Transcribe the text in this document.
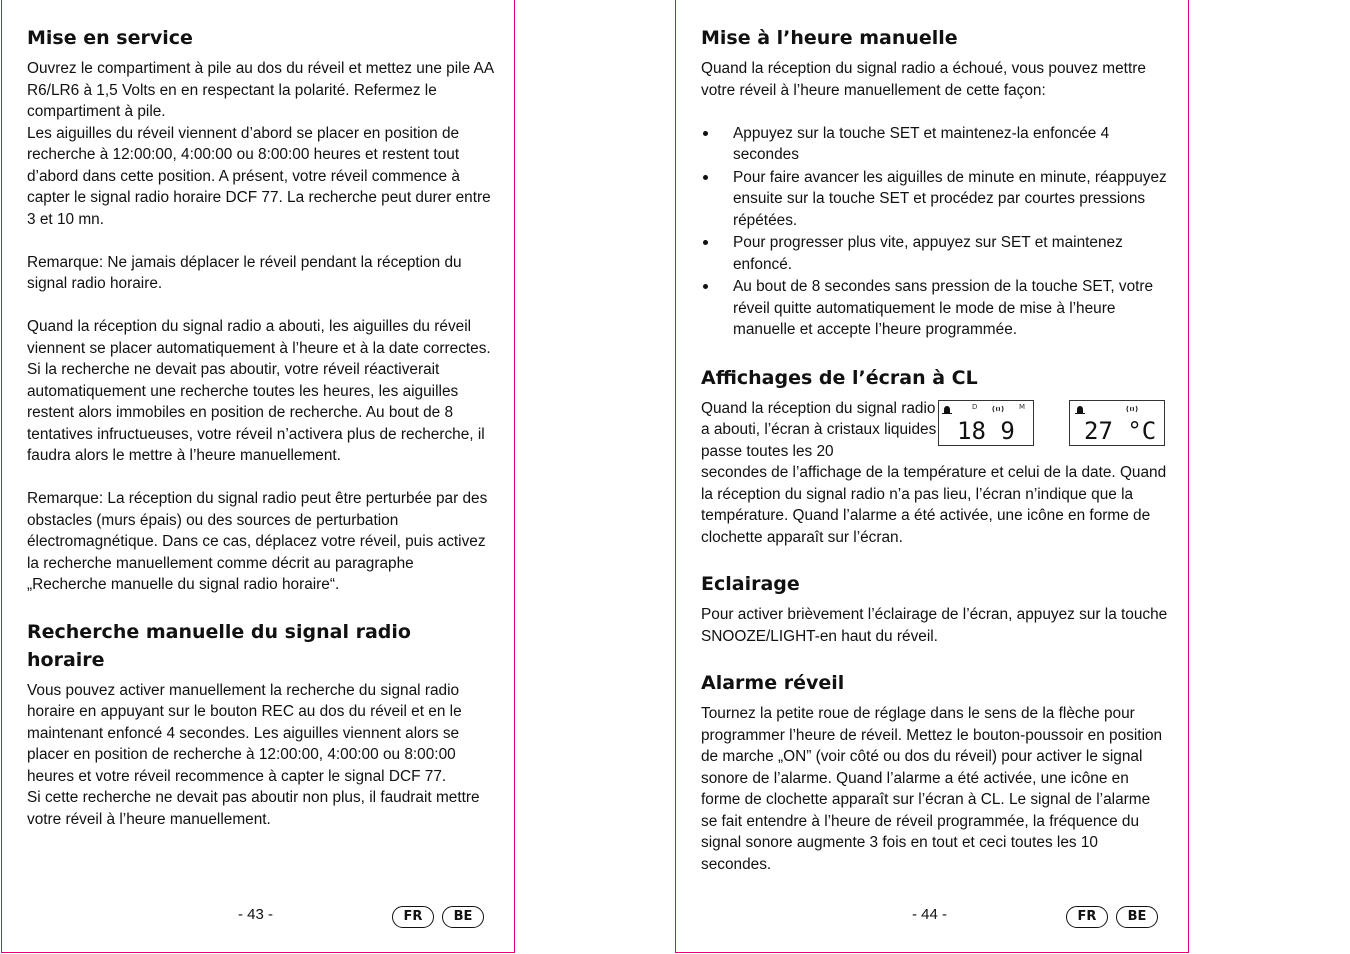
Mise en service

Ouvrez le compartiment à pile au dos du réveil et mettez une pile AA R6/LR6 à 1,5 Volts en en respectant la polarité. Refermez le compartiment à pile.

Les aiguilles du réveil viennent d’abord se placer en position de recherche à 12:00:00, 4:00:00 ou 8:00:00 heures et restent tout d’abord dans cette position. A présent, votre réveil commence à capter le signal radio horaire DCF 77. La recherche peut durer entre 3 et 10 mn.

Remarque: Ne jamais déplacer le réveil pendant la réception du signal radio horaire.

Quand la réception du signal radio a abouti, les aiguilles du réveil viennent se placer automatiquement à l’heure et à la date correctes. Si la recherche ne devait pas aboutir, votre réveil réactiverait automatiquement une recherche toutes les heures, les aiguilles restent alors immobiles en position de recherche. Au bout de 8 tentatives infructueuses, votre réveil n’activera plus de recherche, il faudra alors le mettre à l’heure manuellement.

Remarque: La réception du signal radio peut être perturbée par des obstacles (murs épais) ou des sources de perturbation électromagnétique. Dans ce cas, déplacez votre réveil, puis activez la recherche manuellement comme décrit au paragraphe „Recherche manuelle du signal radio horaire“.

Recherche manuelle du signal radio horaire

Vous pouvez activer manuellement la recherche du signal radio horaire en appuyant sur le bouton REC au dos du réveil et en le maintenant enfoncé 4 secondes. Les aiguilles viennent alors se placer en position de recherche à 12:00:00, 4:00:00 ou 8:00:00 heures et votre réveil recommence à capter le signal DCF 77.

Si cette recherche ne devait pas aboutir non plus, il faudrait mettre votre réveil à l’heure manuellement.

- 43 -	FR	BE
Mise à l’heure manuelle

Quand la réception du signal radio a échoué, vous pouvez mettre votre réveil à l’heure manuellement de cette façon:

Appuyez sur la touche SET et maintenez-la enfoncée 4 secondes
Pour faire avancer les aiguilles de minute en minute, réappuyez ensuite sur la touche SET et procédez par courtes pressions répétées.
Pour progresser plus vite, appuyez sur SET et maintenez enfoncé.
Au bout de 8 secondes sans pression de la touche SET, votre réveil quitte automatiquement le mode de mise à l’heure manuelle et accepte l’heure programmée.
Affichages de l’écran à CL

Quand la réception du signal radio a abouti, l’écran à cristaux liquides passe toutes les 20

D	M
18 9	27 °C

secondes de l’affichage de la température et celui de la date. Quand la réception du signal radio n’a pas lieu, l’écran n’indique que la température. Quand l’alarme a été activée, une icône en forme de clochette apparaît sur l’écran.

Eclairage

Pour activer brièvement l’éclairage de l’écran, appuyez sur la touche SNOOZE/LIGHT-en haut du réveil.

Alarme réveil

Tournez la petite roue de réglage dans le sens de la flèche pour programmer l’heure de réveil. Mettez le bouton-poussoir en position de marche „ON” (voir côté ou dos du réveil) pour activer le signal sonore de l’alarme. Quand l’alarme a été activée, une icône en forme de clochette apparaît sur l’écran à CL. Le signal de l’alarme se fait entendre à l’heure de réveil programmée, la fréquence du signal sonore augmente 3 fois en tout et ceci toutes les 10 secondes.

- 44 -	FR	BE
